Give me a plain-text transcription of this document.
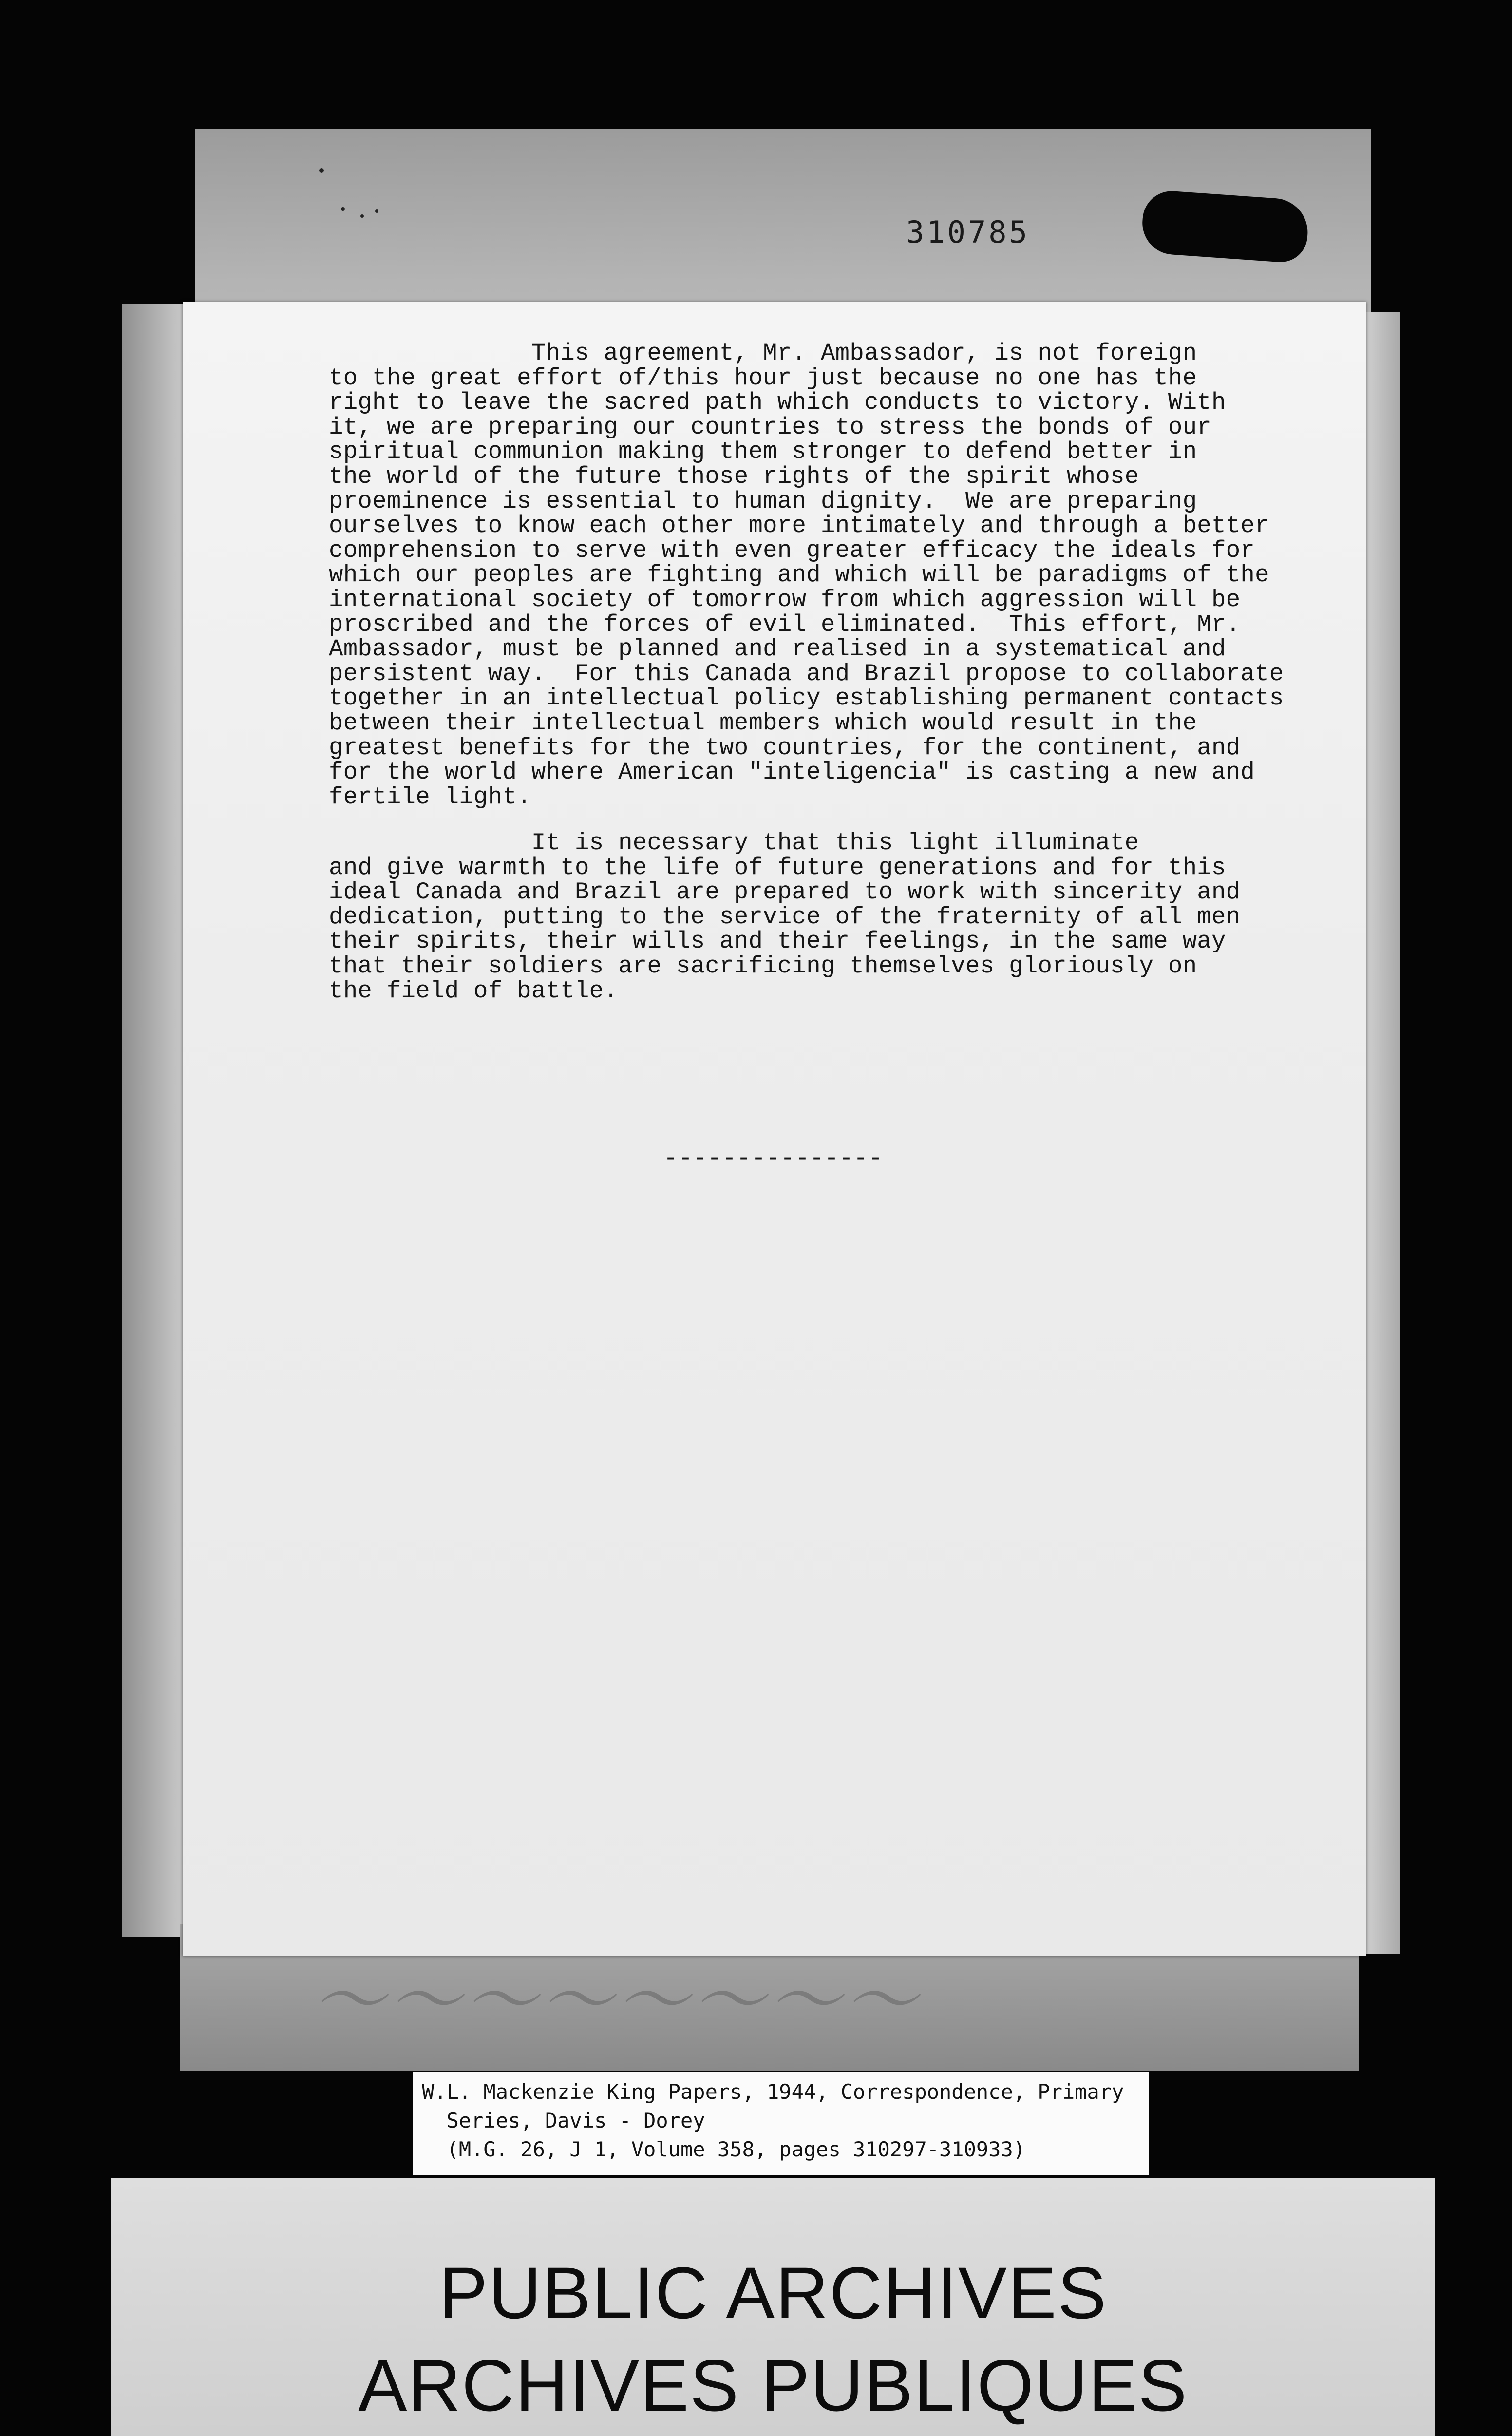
〜〜〜〜〜〜〜〜
310785
This agreement, Mr. Ambassador, is not foreign
to the great effort of/this hour just because no one has the
right to leave the sacred path which conducts to victory. With
it, we are preparing our countries to stress the bonds of our
spiritual communion making them stronger to defend better in
the world of the future those rights of the spirit whose
proeminence is essential to human dignity.  We are preparing
ourselves to know each other more intimately and through a better
comprehension to serve with even greater efficacy the ideals for
which our peoples are fighting and which will be paradigms of the
international society of tomorrow from which aggression will be
proscribed and the forces of evil eliminated.  This effort, Mr.
Ambassador, must be planned and realised in a systematical and
persistent way.  For this Canada and Brazil propose to collaborate
together in an intellectual policy establishing permanent contacts
between their intellectual members which would result in the
greatest benefits for the two countries, for the continent, and
for the world where American "inteligencia" is casting a new and
fertile light.
It is necessary that this light illuminate
and give warmth to the life of future generations and for this
ideal Canada and Brazil are prepared to work with sincerity and
dedication, putting to the service of the fraternity of all men
their spirits, their wills and their feelings, in the same way
that their soldiers are sacrificing themselves gloriously on
the field of battle.
---------------
W.L. Mackenzie King Papers, 1944, Correspondence, Primary
Series, Davis - Dorey
(M.G. 26, J 1, Volume 358, pages 310297-310933)
PUBLIC ARCHIVES
ARCHIVES PUBLIQUES
